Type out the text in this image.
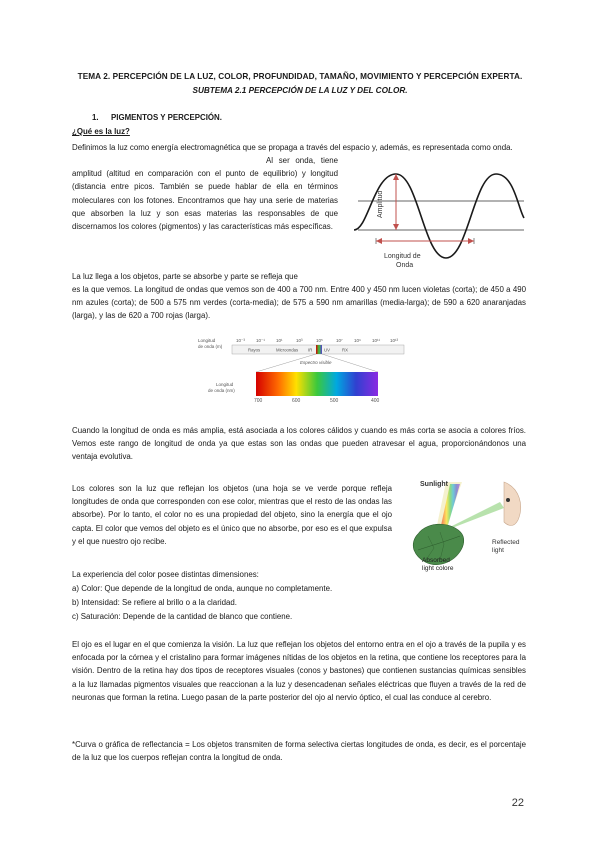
TEMA 2. PERCEPCIÓN DE LA LUZ, COLOR, PROFUNDIDAD, TAMAÑO, MOVIMIENTO Y PERCEPCIÓN EXPERTA.
SUBTEMA 2.1 PERCEPCIÓN DE LA LUZ Y DEL COLOR.
1. PIGMENTOS Y PERCEPCIÓN.
¿Qué es la luz?
Definimos la luz como energía electromagnética que se propaga a través del espacio y, además, es representada como onda.
Al ser onda, tiene amplitud (altitud en comparación con el punto de equilibrio) y longitud (distancia entre picos. También se puede hablar de ella en términos moleculares con los fotones. Encontramos que hay una serie de materias que absorben la luz y son esas materias las responsables de que discernamos los colores (pigmentos) y las características más específicas.
Amplitud
Longitud de
Onda
La luz llega a los objetos, parte se absorbe y parte se refleja que
es la que vemos. La longitud de ondas que vemos son de 400 a 700 nm. Entre 400 y 450 nm lucen violetas (corta); de 450 a 490 nm azules (corta); de 500 a 575 nm verdes (corta-media); de 575 a 590 nm amarillas (media-larga); de 590 a 620 anaranjadas (larga), y las de 620 a 700 rojas (larga).
Longitud
de onda (m)
10⁻³ 10⁻¹ 10¹	10³	10⁵	10⁷	10⁹ 10¹¹ 10¹³
Rayos	Microondas IR	UV	RX
Espectro visible
Longitud
de onda (nm)
700	600	500	400
Cuando la longitud de onda es más amplia, está asociada a los colores cálidos y cuando es más corta se asocia a colores fríos. Vemos este rango de longitud de onda ya que estas son las ondas que pueden atravesar el agua, proporcionándonos una ventaja evolutiva.
Los colores son la luz que reflejan los objetos (una hoja se ve verde porque refleja longitudes de onda que corresponden con ese color, mientras que el resto de las ondas las absorbe). Por lo tanto, el color no es una propiedad del objeto, sino la energía que el ojo capta. El color que vemos del objeto es el único que no absorbe, por eso es el que expulsa y el que nuestro ojo recibe.
Sunlight
Reflected
light
Absorbed
light colore
La experiencia del color posee distintas dimensiones:
a) Color: Que depende de la longitud de onda, aunque no completamente.
b) Intensidad: Se refiere al brillo o a la claridad.
c) Saturación: Depende de la cantidad de blanco que contiene.
El ojo es el lugar en el que comienza la visión. La luz que reflejan los objetos del entorno entra en el ojo a través de la pupila y es enfocada por la córnea y el cristalino para formar imágenes nítidas de los objetos en la retina, que contiene los receptores para la visión. Dentro de la retina hay dos tipos de receptores visuales (conos y bastones) que contienen sustancias químicas sensibles a la luz llamadas pigmentos visuales que reaccionan a la luz y desencadenan señales eléctricas que fluyen a través de la red de neuronas que forman la retina. Luego pasan de la parte posterior del ojo al nervio óptico, el cual las conduce al cerebro.
*Curva o gráfica de reflectancia = Los objetos transmiten de forma selectiva ciertas longitudes de onda, es decir, es el porcentaje de la luz que los cuerpos reflejan contra la longitud de onda.
22
